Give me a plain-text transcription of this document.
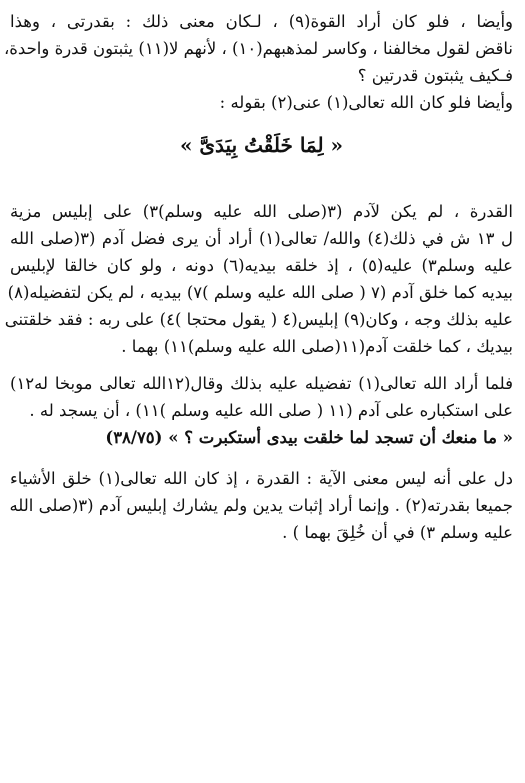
وأيضا ، فلو كان أراد القوة(٩) ، لـكان معنى ذلك : بقدرتى ، وهذا
ناقض لقول مخالفنا ، وكاسر لمذهبهم(١٠) ، لأنهم لا(١١) يثبتون قدرة واحدة،
فـكيف يثبتون قدرتين ؟
وأيضا فلو كان الله تعالى(١) عنى(٢) بقوله :
« لِمَا خَلَقْتُ بِيَدَىَّ »
القدرة ، لم يكن لآدم (٣(صلى الله عليه وسلم)٣) على إبليس مزية
ل ١٣ ش في ذلك(٤) والله/ تعالى(١) أراد أن يرى فضل آدم (٣(صلى الله
عليه وسلم٣) عليه(٥) ، إذ خلقه بيديه(٦) دونه ، ولو كان خالقا لإبليس
بيديه كما خلق آدم (٧ ( صلى الله عليه وسلم )٧) بيديه ، لم يكن لتفضيله(٨)
عليه بذلك وجه ، وكان(٩) إبليس(٤ ( يقول محتجا )٤) على ربه : فقد خلقتنى
بيديك ، كما خلقت آدم(١١(صلى الله عليه وسلم)١١) بهما .
فلما أراد الله تعالى(١) تفضيله عليه بذلك وقال(١٢الله تعالى موبخا له١٢)
على استكباره على آدم (١١ ( صلى الله عليه وسلم )١١) ، أن يسجد له .
« ما منعك أن تسجد لما خلقت بيدى أستكبرت ؟ » (٣٨/٧٥)
دل على أنه ليس معنى الآية : القدرة ، إذ كان الله تعالى(١) خلق الأشياء
جميعا بقدرته(٢) . وإنما أراد إثبات يدين ولم يشارك إبليس آدم (٣(صلى الله
عليه وسلم ٣) في أن خُلِقَ بهما ) .
